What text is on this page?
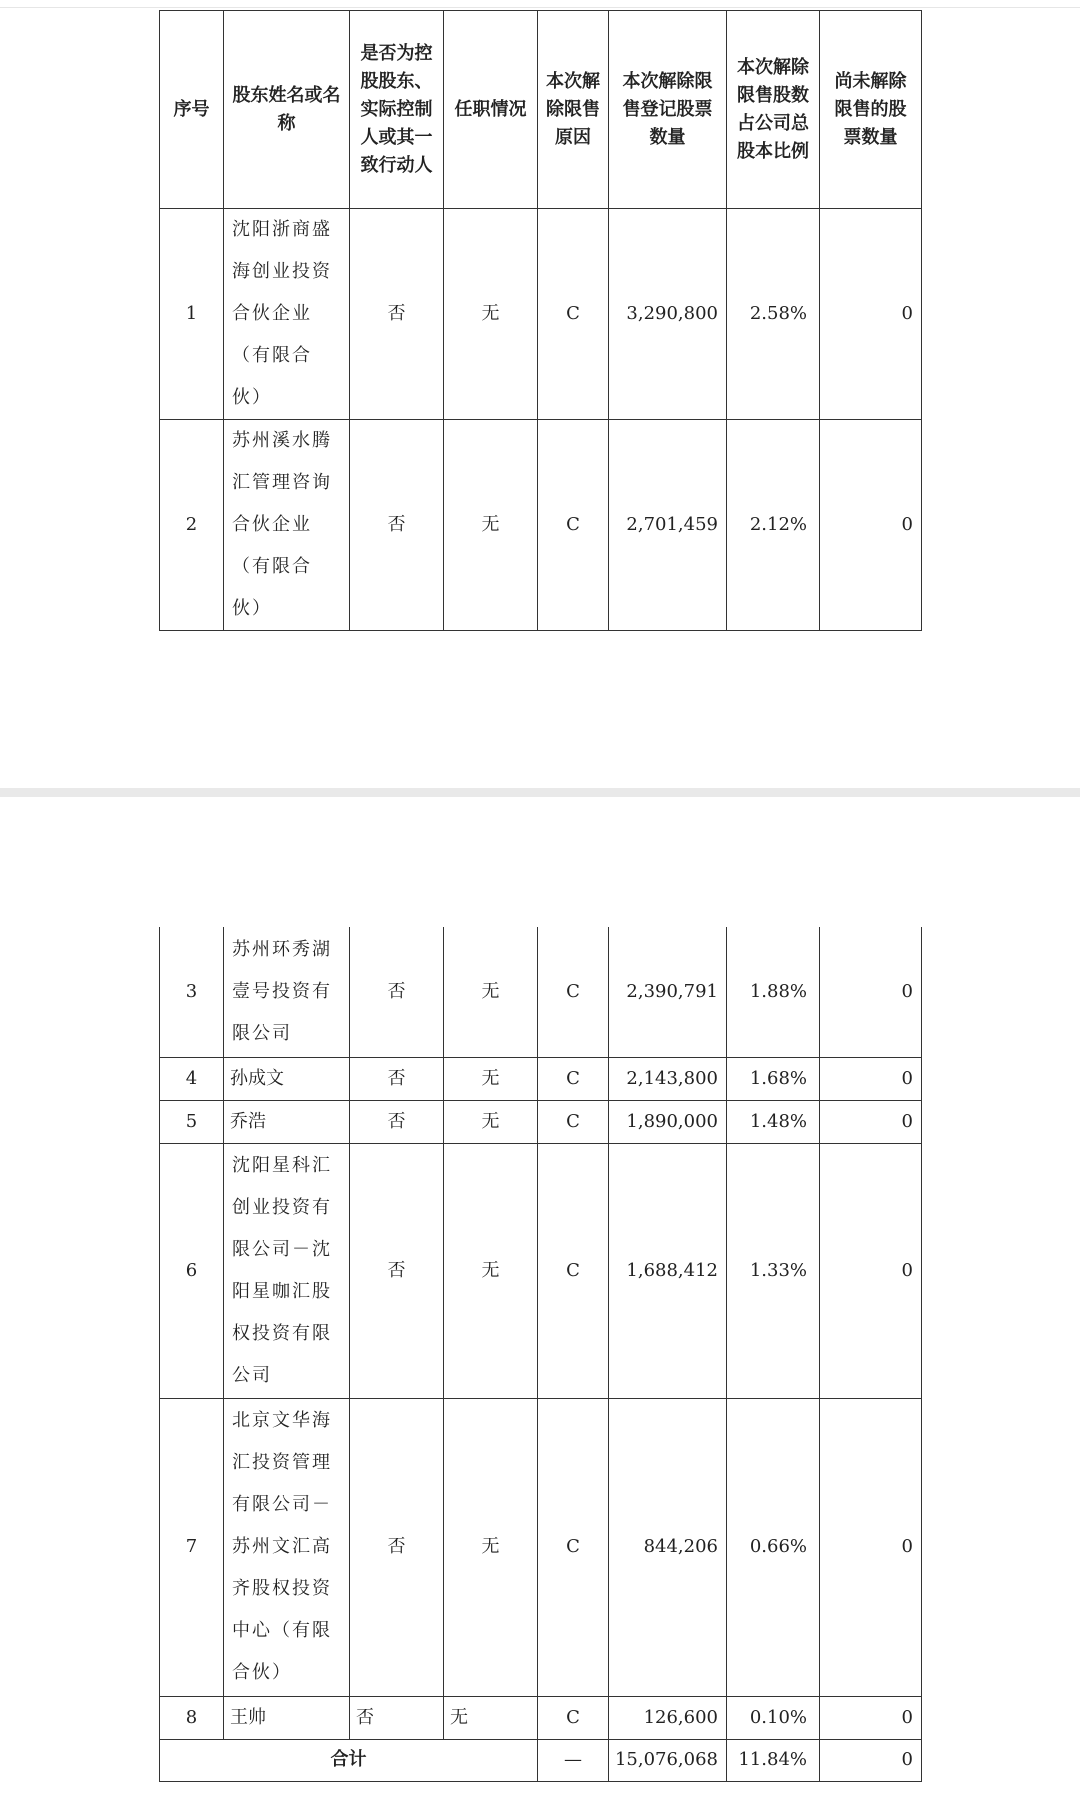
序号	股东姓名或名称	是否为控股股东、实际控制人或其一致行动人	任职情况	本次解除限售原因	本次解除限售登记股票数量	本次解除限售股数占公司总股本比例	尚未解除限售的股票数量
1	沈阳浙商盛海创业投资合伙企业（有限合伙）	否	无	C	3,290,800	2.58%	0
2	苏州溪水腾汇管理咨询合伙企业（有限合伙）	否	无	C	2,701,459	2.12%	0
3	苏州环秀湖壹号投资有限公司	否	无	C	2,390,791	1.88%	0
4	孙成文	否	无	C	2,143,800	1.68%	0
5	乔浩	否	无	C	1,890,000	1.48%	0
6	沈阳星科汇创业投资有限公司－沈阳星咖汇股权投资有限公司	否	无	C	1,688,412	1.33%	0
7	北京文华海汇投资管理有限公司－苏州文汇高齐股权投资中心（有限合伙）	否	无	C	844,206	0.66%	0
8	王帅	否	无	C	126,600	0.10%	0
合计				—	15,076,068	11.84%	0
